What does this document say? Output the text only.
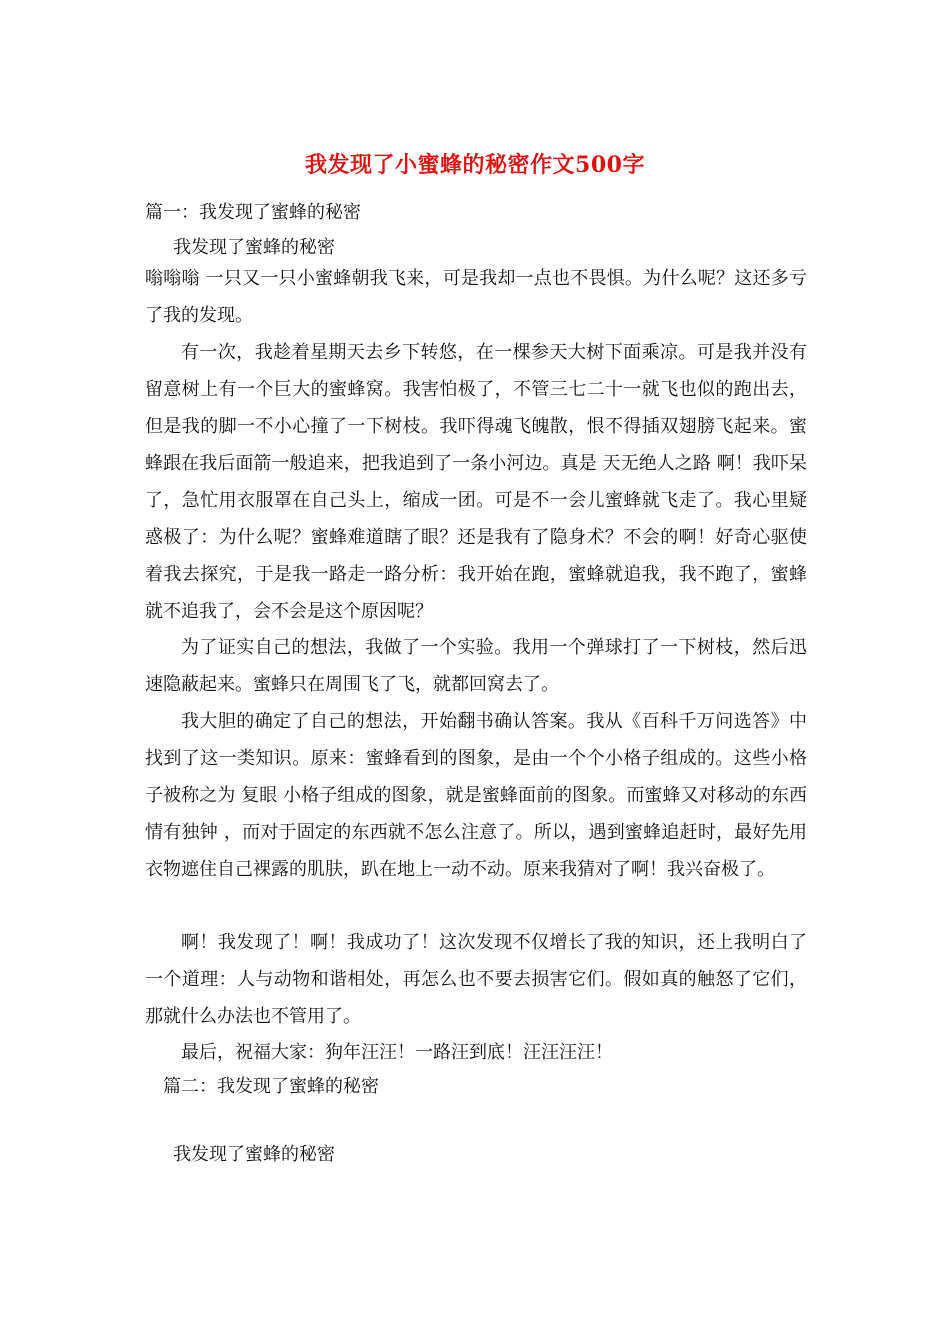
我发现了小蜜蜂的秘密作文500字
篇一：我发现了蜜蜂的秘密
我发现了蜜蜂的秘密

嗡嗡嗡 一只又一只小蜜蜂朝我飞来，可是我却一点也不畏惧。为什么呢？这还多亏了我的发现。

有一次，我趁着星期天去乡下转悠，在一棵参天大树下面乘凉。可是我并没有留意树上有一个巨大的蜜蜂窝。我害怕极了，不管三七二十一就飞也似的跑出去，但是我的脚一不小心撞了一下树枝。我吓得魂飞魄散，恨不得插双翅膀飞起来。蜜蜂跟在我后面箭一般追来，把我追到了一条小河边。真是 天无绝人之路 啊！我吓呆了，急忙用衣服罩在自己头上，缩成一团。可是不一会儿蜜蜂就飞走了。我心里疑惑极了：为什么呢？蜜蜂难道瞎了眼？还是我有了隐身术？不会的啊！好奇心驱使着我去探究，于是我一路走一路分析：我开始在跑，蜜蜂就追我，我不跑了，蜜蜂就不追我了，会不会是这个原因呢？

为了证实自己的想法，我做了一个实验。我用一个弹球打了一下树枝，然后迅速隐蔽起来。蜜蜂只在周围飞了飞，就都回窝去了。

我大胆的确定了自己的想法，开始翻书确认答案。我从《百科千万问选答》中找到了这一类知识。原来：蜜蜂看到的图象，是由一个个小格子组成的。这些小格子被称之为 复眼 小格子组成的图象，就是蜜蜂面前的图象。而蜜蜂又对移动的东西 情有独钟 ，而对于固定的东西就不怎么注意了。所以，遇到蜜蜂追赶时，最好先用衣物遮住自己裸露的肌肤，趴在地上一动不动。原来我猜对了啊！我兴奋极了。

啊！我发现了！啊！我成功了！这次发现不仅增长了我的知识，还上我明白了一个道理：人与动物和谐相处，再怎么也不要去损害它们。假如真的触怒了它们，那就什么办法也不管用了。

最后，祝福大家：狗年汪汪！一路汪到底！汪汪汪汪！

篇二：我发现了蜜蜂的秘密
我发现了蜜蜂的秘密
